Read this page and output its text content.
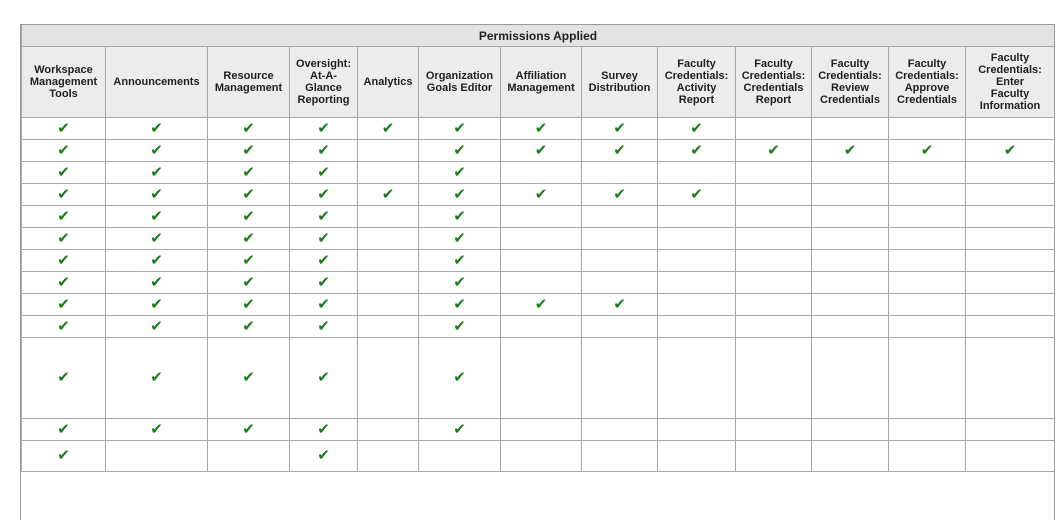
Permissions Applied												

Workspace
Management
Tools	Announcements	Resource
Management	Oversight:
At-A-
Glance
Reporting	Analytics	Organization
Goals Editor	Affiliation
Management	Survey
Distribution	Faculty
Credentials:
Activity
Report	Faculty
Credentials:
Credentials
Report	Faculty
Credentials:
Review
Credentials	Faculty
Credentials:
Approve
Credentials	Faculty
Credentials:
Enter
Faculty
Information

✔	✔	✔	✔	✔	✔	✔	✔	✔				
✔	✔	✔	✔		✔	✔	✔	✔	✔	✔	✔	✔
✔	✔	✔	✔		✔							
✔	✔	✔	✔	✔	✔	✔	✔	✔				
✔	✔	✔	✔		✔							
✔	✔	✔	✔		✔							
✔	✔	✔	✔		✔							
✔	✔	✔	✔		✔							
✔	✔	✔	✔		✔	✔	✔					
✔	✔	✔	✔		✔							
✔	✔	✔	✔		✔							
✔	✔	✔	✔		✔							
✔			✔									
